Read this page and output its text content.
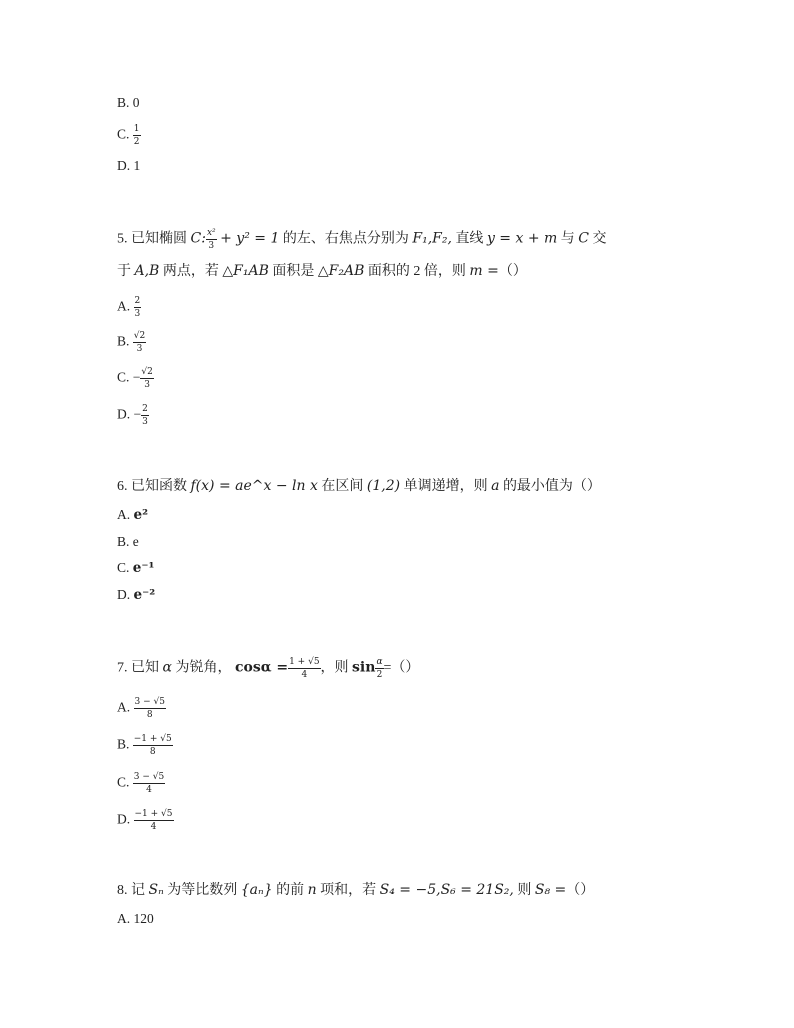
B. 0
C. $\frac{1}{2}$
D. 1
5. 已知椭圆 C: $\frac{\text{x²}}{3} + y^2 = 1$ 的左、右焦点分别为 F₁,F₂, 直线 y = x + m 与 C 交
于 A,B 两点，若 △F₁AB 面积是 △F₂AB 面积的 2 倍，则 m =（）
A. $\frac{2}{3}$
B. $\frac{√2}{3}$
C. − $\frac{√2}{3}$
D. − $\frac{2}{3}$
6. 已知函数 f(x) = ae^x − ln x 在区间 (1,2) 单调递增，则 a 的最小值为（）
A. e²
B. e
C. e⁻¹
D. e⁻²
7. 已知 α 为锐角， $\cos\alpha = \frac{1 + √5}{4}$ ，则 $\sin \frac{\alpha}{2}$ =（）
A. $\frac{3 - √5}{8}$
B. $\frac{-1 + √5}{8}$
C. $\frac{3 - √5}{4}$
D. $\frac{-1 + √5}{4}$
8. 记 Sₙ 为等比数列 {aₙ} 的前 n 项和，若 S₄ = −5,S₆ = 21S₂, 则 S₈ =（）
A. 120
